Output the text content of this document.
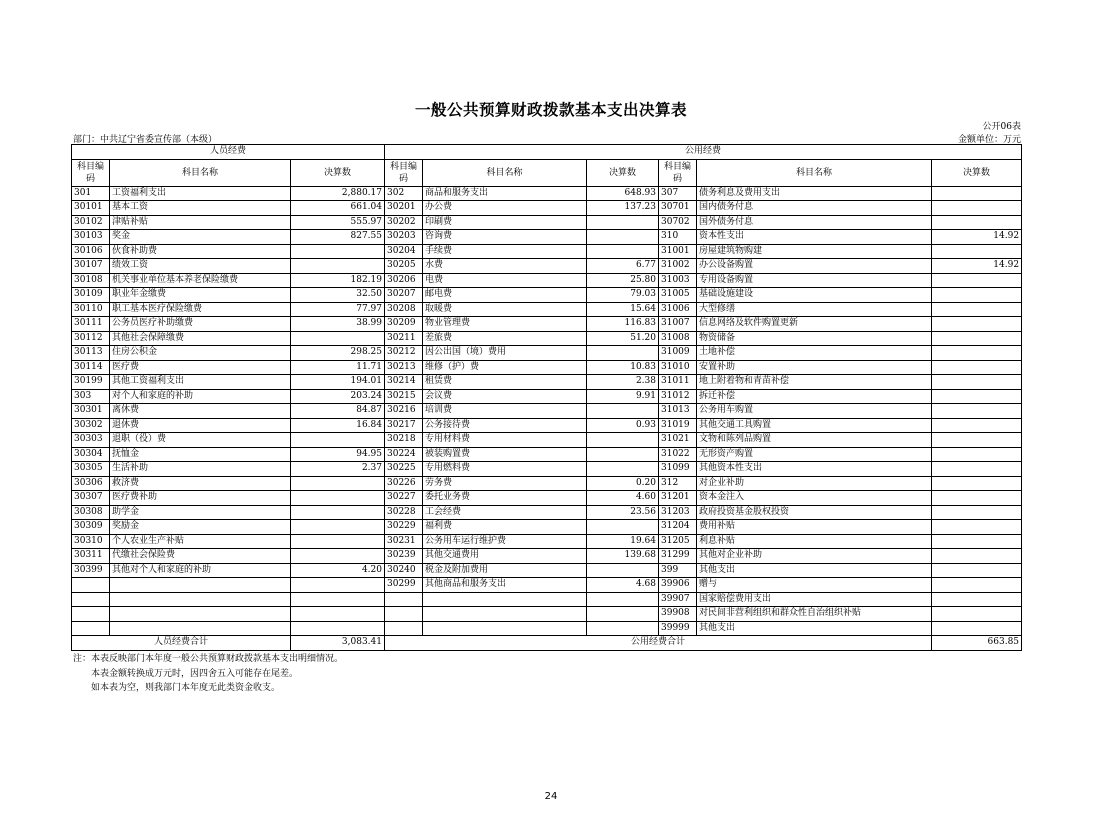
一般公共预算财政拨款基本支出决算表
公开06表
部门：中共辽宁省委宣传部（本级）	金额单位：万元
人员经费			公用经费					
科目编码	科目名称	决算数	科目编码	科目名称	决算数	科目编码	科目名称	决算数
301	工资福利支出	2,880.17	302	商品和服务支出	648.93	307	债务利息及费用支出	
30101	基本工资	661.04	30201	办公费	137.23	30701	国内债务付息	
30102	津贴补贴	555.97	30202	印刷费		30702	国外债务付息	
30103	奖金	827.55	30203	咨询费		310	资本性支出	14.92
30106	伙食补助费		30204	手续费		31001	房屋建筑物购建	
30107	绩效工资		30205	水费	6.77	31002	办公设备购置	14.92
30108	机关事业单位基本养老保险缴费	182.19	30206	电费	25.80	31003	专用设备购置	
30109	职业年金缴费	32.50	30207	邮电费	79.03	31005	基础设施建设	
30110	职工基本医疗保险缴费	77.97	30208	取暖费	15.64	31006	大型修缮	
30111	公务员医疗补助缴费	38.99	30209	物业管理费	116.83	31007	信息网络及软件购置更新	
30112	其他社会保障缴费		30211	差旅费	51.20	31008	物资储备	
30113	住房公积金	298.25	30212	因公出国（境）费用		31009	土地补偿	
30114	医疗费	11.71	30213	维修（护）费	10.83	31010	安置补助	
30199	其他工资福利支出	194.01	30214	租赁费	2.38	31011	地上附着物和青苗补偿	
303	对个人和家庭的补助	203.24	30215	会议费	9.91	31012	拆迁补偿	
30301	离休费	84.87	30216	培训费		31013	公务用车购置	
30302	退休费	16.84	30217	公务接待费	0.93	31019	其他交通工具购置	
30303	退职（役）费		30218	专用材料费		31021	文物和陈列品购置	
30304	抚恤金	94.95	30224	被装购置费		31022	无形资产购置	
30305	生活补助	2.37	30225	专用燃料费		31099	其他资本性支出	
30306	救济费		30226	劳务费	0.20	312	对企业补助	
30307	医疗费补助		30227	委托业务费	4.60	31201	资本金注入	
30308	助学金		30228	工会经费	23.56	31203	政府投资基金股权投资	
30309	奖励金		30229	福利费		31204	费用补贴	
30310	个人农业生产补贴		30231	公务用车运行维护费	19.64	31205	利息补贴	
30311	代缴社会保险费		30239	其他交通费用	139.68	31299	其他对企业补助	
30399	其他对个人和家庭的补助	4.20	30240	税金及附加费用		399	其他支出	
			30299	其他商品和服务支出	4.68	39906	赠与	
						39907	国家赔偿费用支出	
						39908	对民间非营利组织和群众性自治组织补贴	
						39999	其他支出	
人员经费合计		3,083.41	公用经费合计					663.85
注：本表反映部门本年度一般公共预算财政拨款基本支出明细情况。
本表金额转换成万元时，因四舍五入可能存在尾差。
如本表为空，则我部门本年度无此类资金收支。
24
